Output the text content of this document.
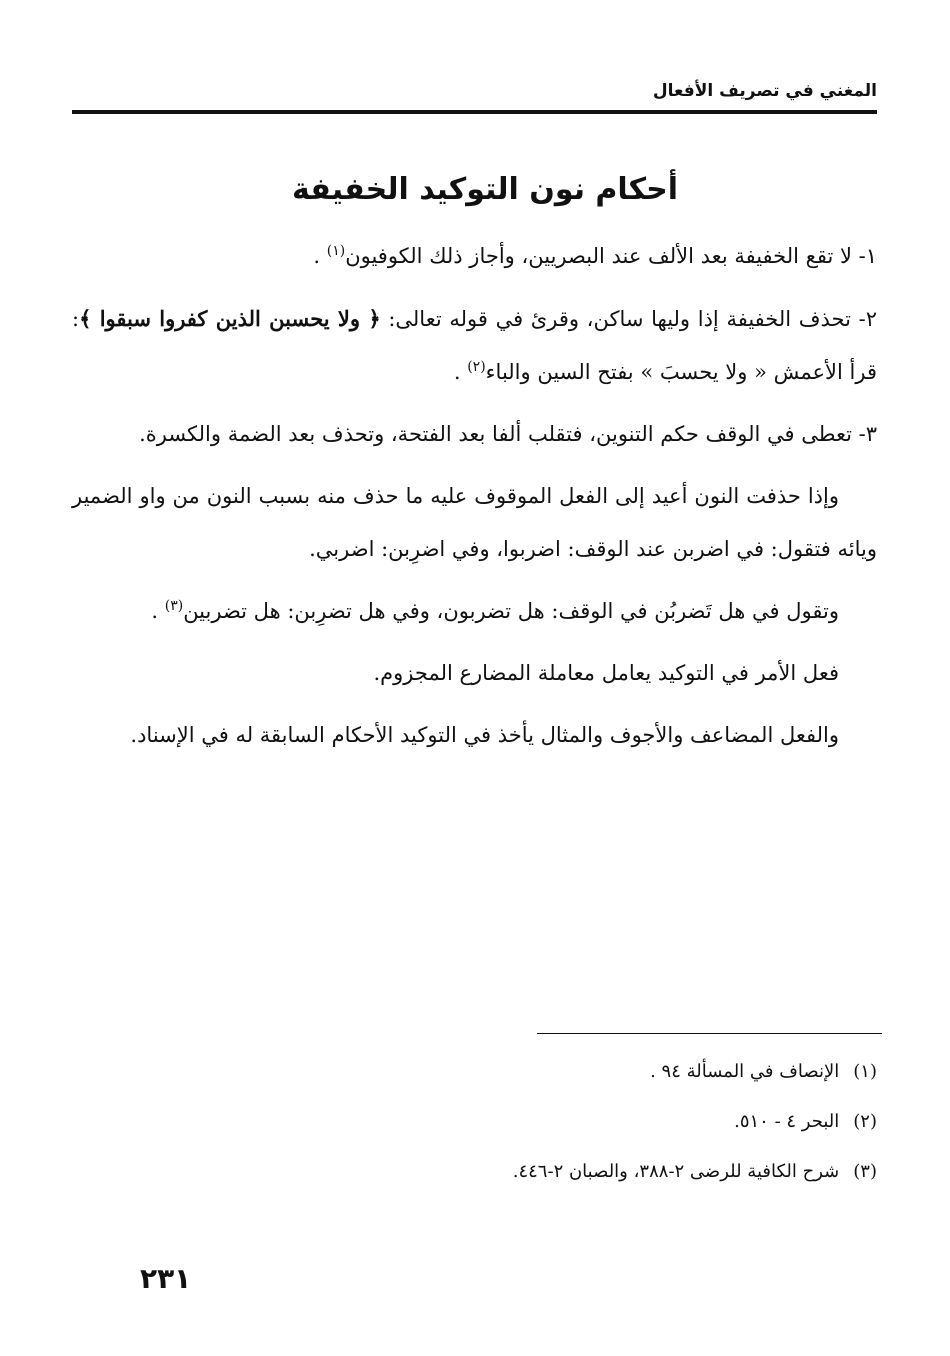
المغني في تصريف الأفعال
أحكام نون التوكيد الخفيفة

١- لا تقع الخفيفة بعد الألف عند البصريين، وأجاز ذلك الكوفيون$^{(١)}$ .

٢- تحذف الخفيفة إذا وليها ساكن، وقرئ في قوله تعالى: ﴿ ولا يحسبن الذين كفروا سبقوا ﴾: قرأ الأعمش « ولا يحسبَ » بفتح السين والباء$^{(٢)}$ .

٣- تعطى في الوقف حكم التنوين، فتقلب ألفا بعد الفتحة، وتحذف بعد الضمة والكسرة.

وإذا حذفت النون أعيد إلى الفعل الموقوف عليه ما حذف منه بسبب النون من واو الضمير ويائه فتقول: في اضربن عند الوقف: اضربوا، وفي اضرِبن: اضربي.

وتقول في هل تَضربُن في الوقف: هل تضربون، وفي هل تضرِبن: هل تضربين$^{(٣)}$ .

فعل الأمر في التوكيد يعامل معاملة المضارع المجزوم.

والفعل المضاعف والأجوف والمثال يأخذ في التوكيد الأحكام السابقة له في الإسناد.

(١)الإنصاف في المسألة ٩٤ .
(٢)البحر ٤ - ٥١٠.
(٣)شرح الكافية للرضى ٢-٣٨٨، والصبان ٢-٤٤٦.
٢٣١
